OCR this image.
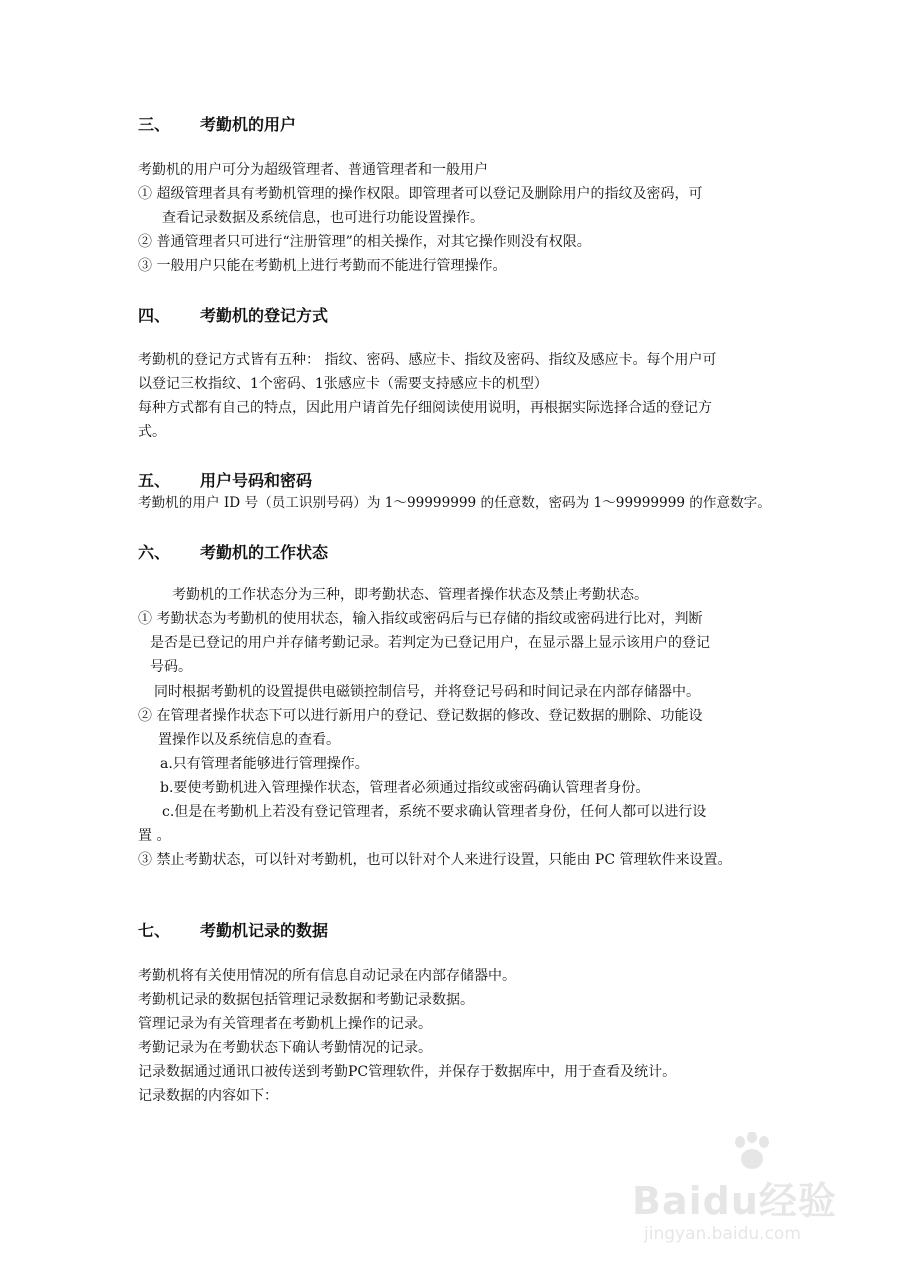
三、 考勤机的用户
考勤机的用户可分为超级管理者、普通管理者和一般用户
① 超级管理者具有考勤机管理的操作权限。即管理者可以登记及删除用户的指纹及密码，可
查看记录数据及系统信息，也可进行功能设置操作。
② 普通管理者只可进行“注册管理”的相关操作，对其它操作则没有权限。
③ 一般用户只能在考勤机上进行考勤而不能进行管理操作。
四、 考勤机的登记方式
考勤机的登记方式皆有五种： 指纹、密码、感应卡、指纹及密码、指纹及感应卡。每个用户可
以登记三枚指纹、1个密码、1张感应卡（需要支持感应卡的机型）
每种方式都有自己的特点，因此用户请首先仔细阅读使用说明，再根据实际选择合适的登记方
式。
五、 用户号码和密码
考勤机的用户 ID 号（员工识别号码）为 1～99999999 的任意数，密码为 1～99999999 的作意数字。
六、 考勤机的工作状态
考勤机的工作状态分为三种，即考勤状态、管理者操作状态及禁止考勤状态。
① 考勤状态为考勤机的使用状态，输入指纹或密码后与已存储的指纹或密码进行比对，判断
是否是已登记的用户并存储考勤记录。若判定为已登记用户，在显示器上显示该用户的登记
号码。
同时根据考勤机的设置提供电磁锁控制信号，并将登记号码和时间记录在内部存储器中。
② 在管理者操作状态下可以进行新用户的登记、登记数据的修改、登记数据的删除、功能设
置操作以及系统信息的查看。
a.只有管理者能够进行管理操作。
b.要使考勤机进入管理操作状态，管理者必须通过指纹或密码确认管理者身份。
c.但是在考勤机上若没有登记管理者，系统不要求确认管理者身份，任何人都可以进行设
置 。
③ 禁止考勤状态，可以针对考勤机，也可以针对个人来进行设置，只能由 PC 管理软件来设置。
七、 考勤机记录的数据
考勤机将有关使用情况的所有信息自动记录在内部存储器中。
考勤机记录的数据包括管理记录数据和考勤记录数据。
管理记录为有关管理者在考勤机上操作的记录。
考勤记录为在考勤状态下确认考勤情况的记录。
记录数据通过通讯口被传送到考勤PC管理软件，并保存于数据库中，用于查看及统计。
记录数据的内容如下：
Baidu经验
jingyan.baidu.com
